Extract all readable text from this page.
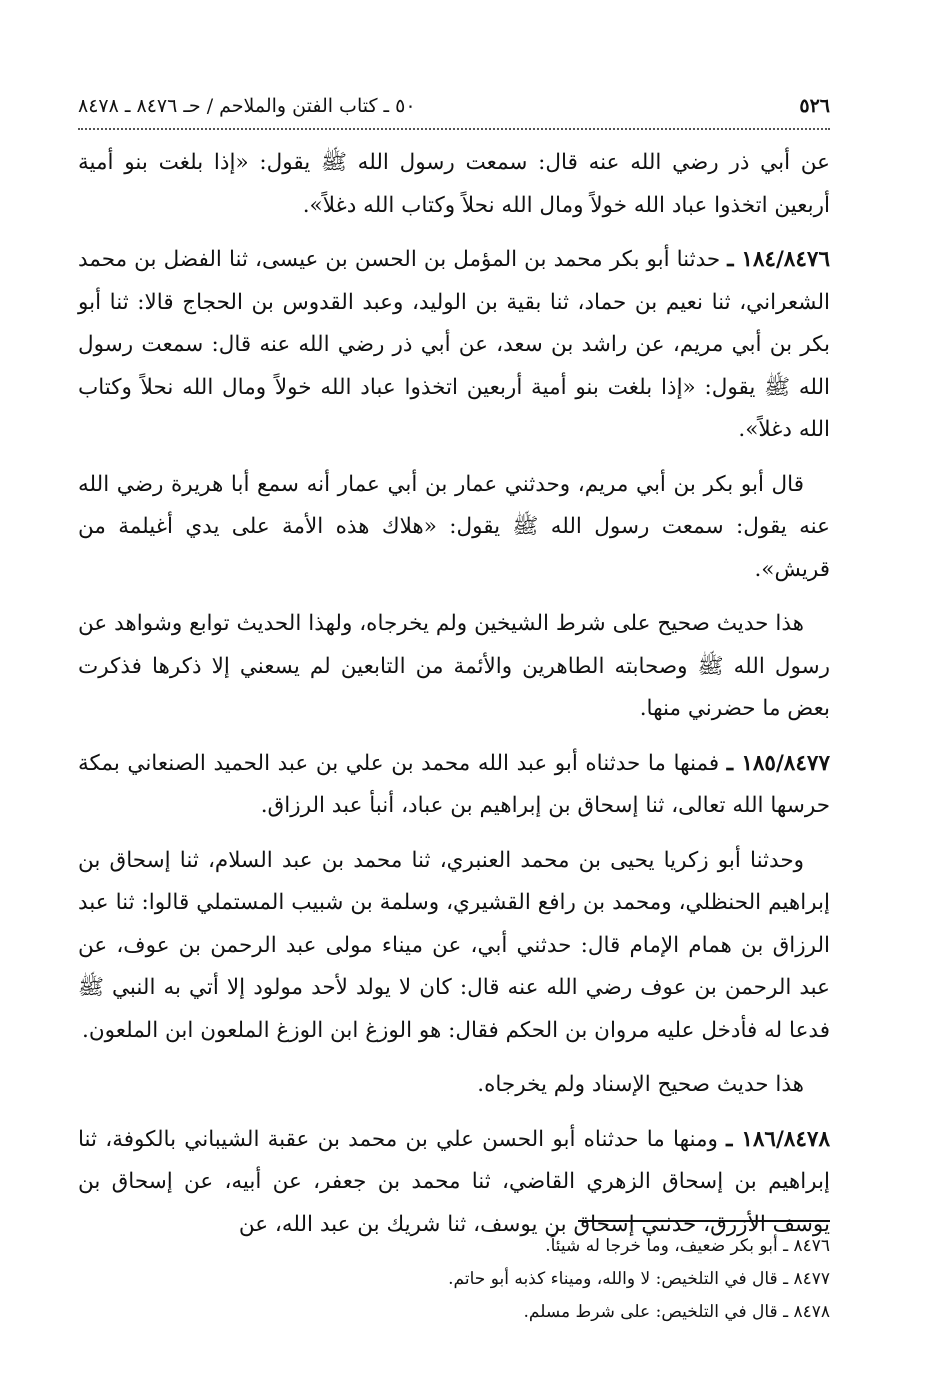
٥٢٦
٥٠ ـ كتاب الفتن والملاحم / حـ ٨٤٧٦ ـ ٨٤٧٨

عن أبي ذر رضي الله عنه قال: سمعت رسول الله ﷺ يقول: «إذا بلغت بنو أمية أربعين اتخذوا عباد الله خولاً ومال الله نحلاً وكتاب الله دغلاً».

١٨٤/٨٤٧٦ ـ حدثنا أبو بكر محمد بن المؤمل بن الحسن بن عيسى، ثنا الفضل بن محمد الشعراني، ثنا نعيم بن حماد، ثنا بقية بن الوليد، وعبد القدوس بن الحجاج قالا: ثنا أبو بكر بن أبي مريم، عن راشد بن سعد، عن أبي ذر رضي الله عنه قال: سمعت رسول الله ﷺ يقول: «إذا بلغت بنو أمية أربعين اتخذوا عباد الله خولاً ومال الله نحلاً وكتاب الله دغلاً».

قال أبو بكر بن أبي مريم، وحدثني عمار بن أبي عمار أنه سمع أبا هريرة رضي الله عنه يقول: سمعت رسول الله ﷺ يقول: «هلاك هذه الأمة على يدي أغيلمة من قريش».

هذا حديث صحيح على شرط الشيخين ولم يخرجاه، ولهذا الحديث توابع وشواهد عن رسول الله ﷺ وصحابته الطاهرين والأئمة من التابعين لم يسعني إلا ذكرها فذكرت بعض ما حضرني منها.

١٨٥/٨٤٧٧ ـ فمنها ما حدثناه أبو عبد الله محمد بن علي بن عبد الحميد الصنعاني بمكة حرسها الله تعالى، ثنا إسحاق بن إبراهيم بن عباد، أنبأ عبد الرزاق.

وحدثنا أبو زكريا يحيى بن محمد العنبري، ثنا محمد بن عبد السلام، ثنا إسحاق بن إبراهيم الحنظلي، ومحمد بن رافع القشيري، وسلمة بن شبيب المستملي قالوا: ثنا عبد الرزاق بن همام الإمام قال: حدثني أبي، عن ميناء مولى عبد الرحمن بن عوف، عن عبد الرحمن بن عوف رضي الله عنه قال: كان لا يولد لأحد مولود إلا أتي به النبي ﷺ فدعا له فأدخل عليه مروان بن الحكم فقال: هو الوزغ ابن الوزغ الملعون ابن الملعون.

هذا حديث صحيح الإسناد ولم يخرجاه.

١٨٦/٨٤٧٨ ـ ومنها ما حدثناه أبو الحسن علي بن محمد بن عقبة الشيباني بالكوفة، ثنا إبراهيم بن إسحاق الزهري القاضي، ثنا محمد بن جعفر، عن أبيه، عن إسحاق بن يوسف الأزرق، حدثني إسحاق بن يوسف، ثنا شريك بن عبد الله، عن

٨٤٧٦ ـ أبو بكر ضعيف، وما خرجا له شيئاً.

٨٤٧٧ ـ قال في التلخيص: لا والله، وميناء كذبه أبو حاتم.

٨٤٧٨ ـ قال في التلخيص: على شرط مسلم.
